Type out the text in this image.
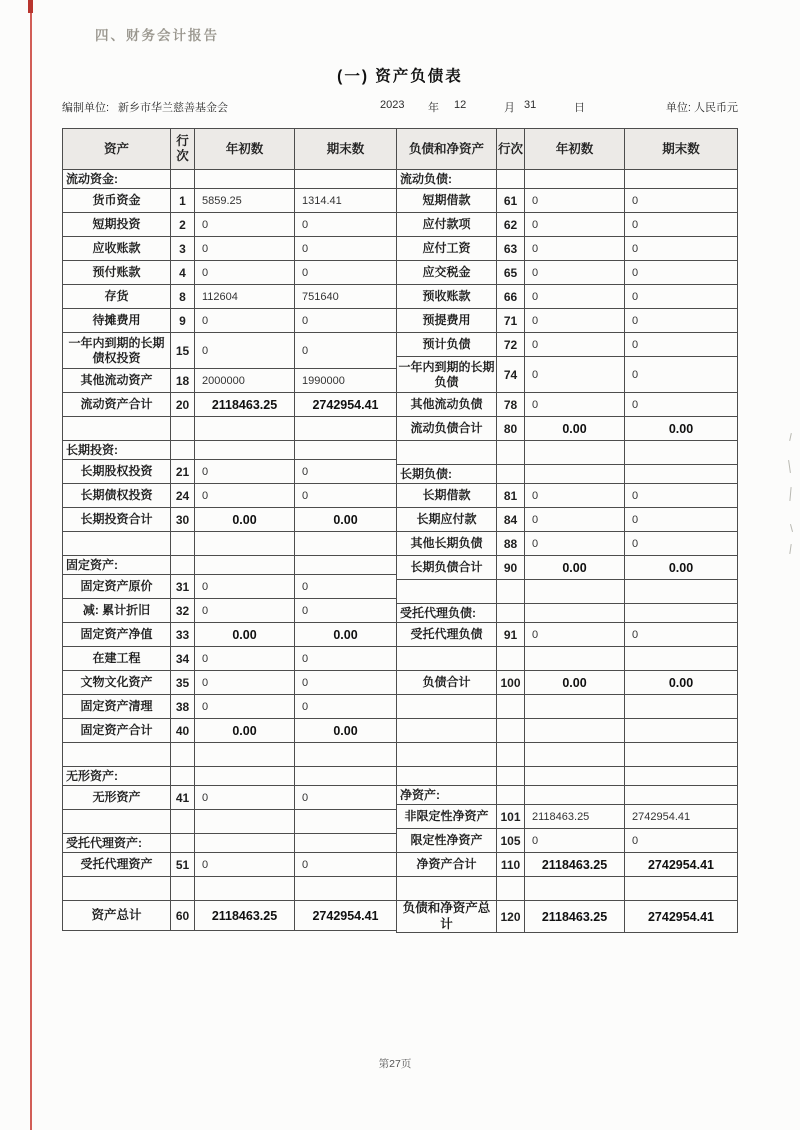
四、财务会计报告
(一) 资产负债表
编制单位: 新乡市华兰慈善基金会	2023 年 12	月 31	日	单位: 人民币元
资产	行次	年初数	期末数
流动资金:			
货币资金	1	5859.25	1314.41
短期投资	2	0	0
应收账款	3	0	0
预付账款	4	0	0
存货	8	112604	751640
待摊费用	9	0	0
一年内到期的长期债权投资	15	0	0
其他流动资产	18	2000000	1990000
流动资产合计	20	2118463.25	2742954.41

长期投资:			
长期股权投资	21	0	0
长期债权投资	24	0	0
长期投资合计	30	0.00	0.00

固定资产:			
固定资产原价	31	0	0
减: 累计折旧	32	0	0
固定资产净值	33	0.00	0.00
在建工程	34	0	0
文物文化资产	35	0	0
固定资产清理	38	0	0
固定资产合计	40	0.00	0.00

无形资产:			
无形资产	41	0	0

受托代理资产:			
受托代理资产	51	0	0

资产总计	60	2118463.25	2742954.41
负债和净资产	行次	年初数	期末数
流动负债:			
短期借款	61	0	0
应付款项	62	0	0
应付工资	63	0	0
应交税金	65	0	0
预收账款	66	0	0
预提费用	71	0	0
预计负债	72	0	0
一年内到期的长期负债	74	0	0
其他流动负债	78	0	0
流动负债合计	80	0.00	0.00

长期负债:			
长期借款	81	0	0
长期应付款	84	0	0
其他长期负债	88	0	0
长期负债合计	90	0.00	0.00

受托代理负债:			
受托代理负债	91	0	0

负债合计	100	0.00	0.00

净资产:			
非限定性净资产	101	2118463.25	2742954.41
限定性净资产	105	0	0
净资产合计	110	2118463.25	2742954.41

负债和净资产总计	120	2118463.25	2742954.41
第27页
